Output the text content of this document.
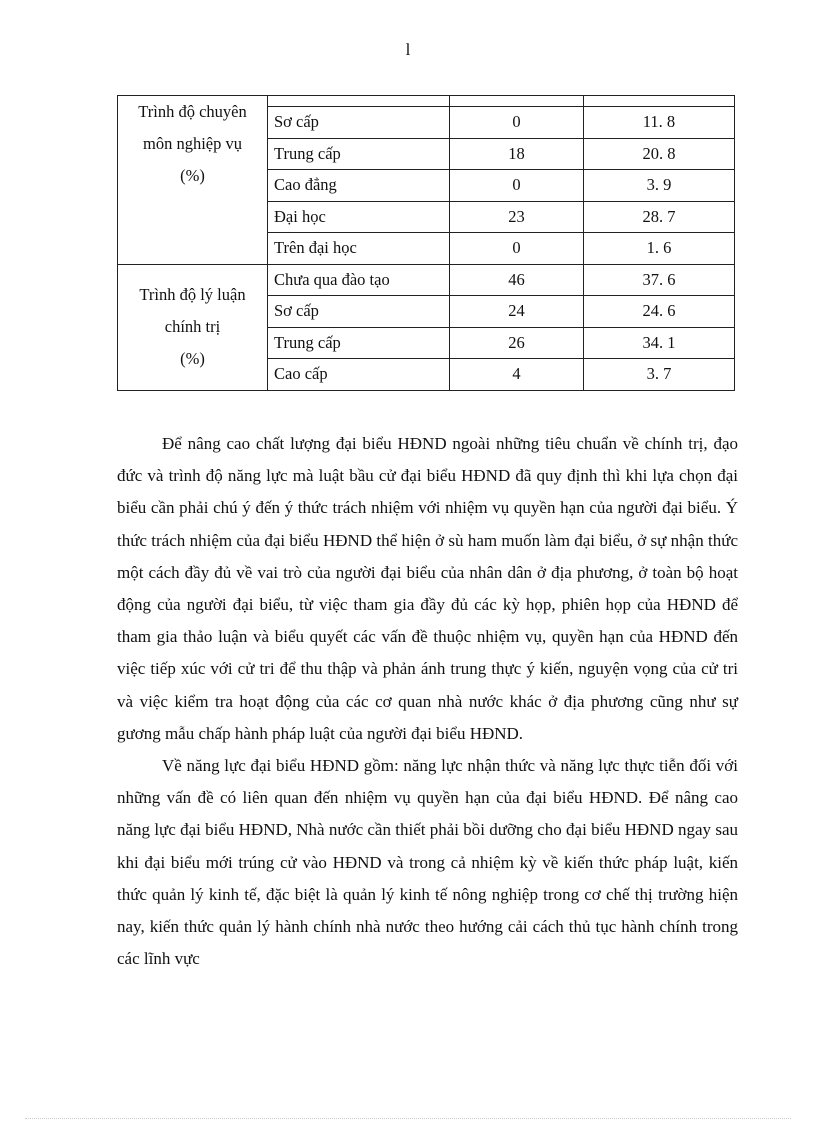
l
Trình độ chuyên
môn nghiệp vụ
(%)			

	Sơ cấp	0	11. 8
	Trung cấp	18	20. 8
	Cao đẳng	0	3. 9
	Đại học	23	28. 7
	Trên đại học	0	1. 6

Trình độ lý luận
chính trị
(%)	Chưa qua đào tạo	46	37. 6
	Sơ cấp	24	24. 6
	Trung cấp	26	34. 1
	Cao cấp	4	3. 7

Để nâng cao chất lượng đại biểu HĐND ngoài những tiêu chuẩn về chính trị, đạo đức và trình độ năng lực mà luật bầu cử đại biểu HĐND đã quy định thì khi lựa chọn đại biểu cần phải chú ý đến ý thức trách nhiệm với nhiệm vụ quyền hạn của người đại biểu. Ý thức trách nhiệm của đại biểu HĐND thể hiện ở sù ham muốn làm đại biểu, ở sự nhận thức một cách đầy đủ về vai trò của người đại biểu của nhân dân ở địa phương, ở toàn bộ hoạt động của người đại biểu, từ việc tham gia đầy đủ các kỳ họp, phiên họp của HĐND để tham gia thảo luận và biểu quyết các vấn đề thuộc nhiệm vụ, quyền hạn của HĐND đến việc tiếp xúc với cử tri để thu thập và phản ánh trung thực ý kiến, nguyện vọng của cử tri và việc kiểm tra hoạt động của các cơ quan nhà nước khác ở địa phương cũng như sự gương mẫu chấp hành pháp luật của người đại biểu HĐND.

Về năng lực đại biểu HĐND gồm: năng lực nhận thức và năng lực thực tiễn đối với những vấn đề có liên quan đến nhiệm vụ quyền hạn của đại biểu HĐND. Để nâng cao năng lực đại biểu HĐND, Nhà nước cần thiết phải bồi dưỡng cho đại biểu HĐND ngay sau khi đại biểu mới trúng cử vào HĐND và trong cả nhiệm kỳ về kiến thức pháp luật, kiến thức quản lý kinh tế, đặc biệt là quản lý kinh tế nông nghiệp trong cơ chế thị trường hiện nay, kiến thức quản lý hành chính nhà nước theo hướng cải cách thủ tục hành chính trong các lĩnh vực
